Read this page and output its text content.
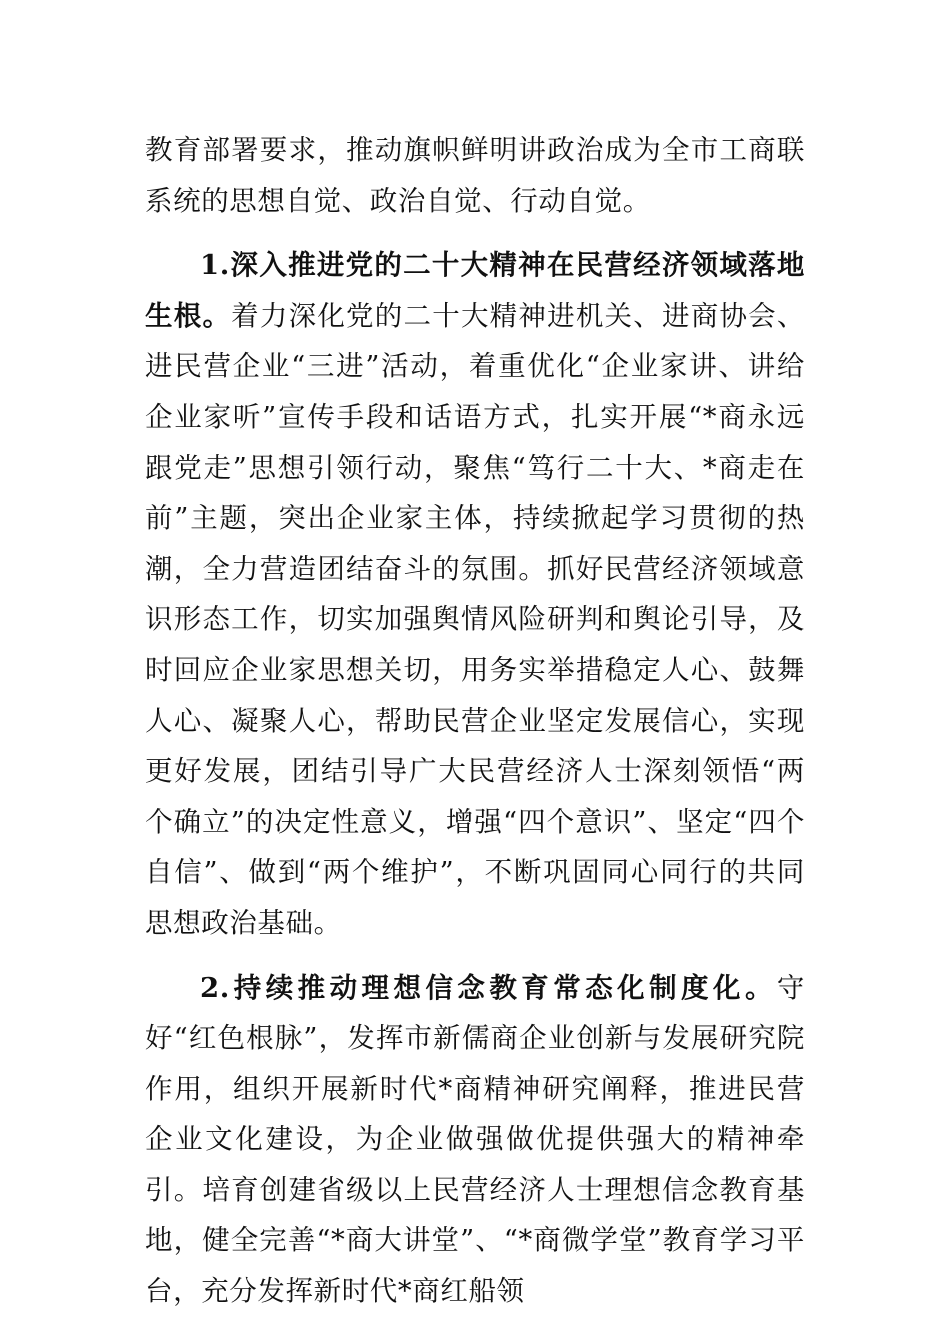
教育部署要求，推动旗帜鲜明讲政治成为全市工商联系统的思想自觉、政治自觉、行动自觉。

1.深入推进党的二十大精神在民营经济领域落地生根。着力深化党的二十大精神进机关、进商协会、进民营企业“三进”活动，着重优化“企业家讲、讲给企业家听”宣传手段和话语方式，扎实开展“*商永远跟党走”思想引领行动，聚焦“笃行二十大、*商走在前”主题，突出企业家主体，持续掀起学习贯彻的热潮，全力营造团结奋斗的氛围。抓好民营经济领域意识形态工作，切实加强舆情风险研判和舆论引导，及时回应企业家思想关切，用务实举措稳定人心、鼓舞人心、凝聚人心，帮助民营企业坚定发展信心，实现更好发展，团结引导广大民营经济人士深刻领悟“两个确立”的决定性意义，增强“四个意识”、坚定“四个自信”、做到“两个维护”，不断巩固同心同行的共同思想政治基础。

2.持续推动理想信念教育常态化制度化。守好“红色根脉”，发挥市新儒商企业创新与发展研究院作用，组织开展新时代*商精神研究阐释，推进民营企业文化建设，为企业做强做优提供强大的精神牵引。培育创建省级以上民营经济人士理想信念教育基地，健全完善“*商大讲堂”、“*商微学堂”教育学习平台，充分发挥新时代*商红船领
